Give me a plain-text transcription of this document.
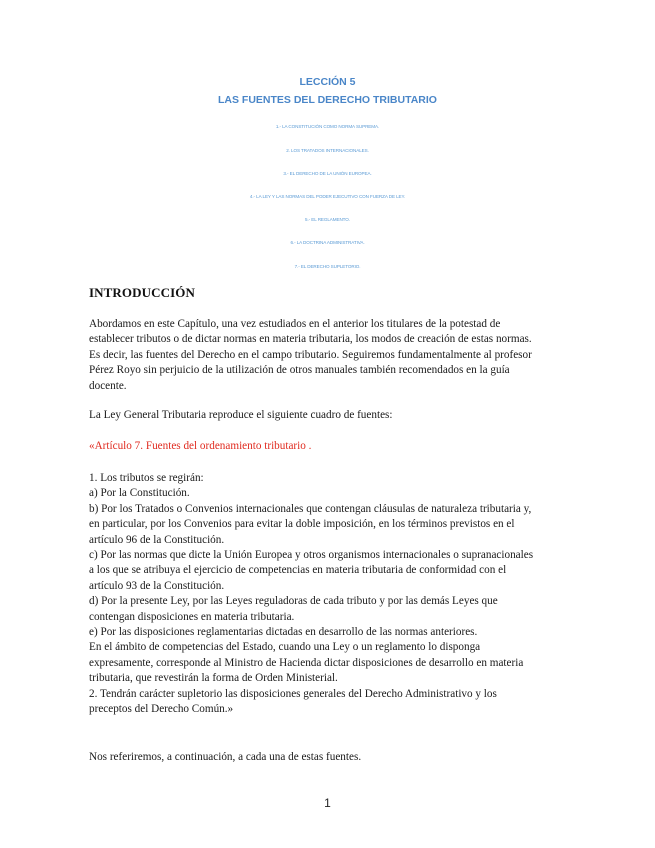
LECCIÓN 5
LAS FUENTES DEL DERECHO TRIBUTARIO
1.- LA CONSTITUCIÓN COMO NORMA SUPREMA.
2. LOS TRATADOS INTERNACIONALES.
3.- EL DERECHO DE LA UNIÓN EUROPEA.
4.- LA LEY Y LAS NORMAS DEL PODER EJECUTIVO CON FUERZA DE LEY.
5.- EL REGLAMENTO.
6.- LA DOCTRINA ADMINISTRATIVA.
7.- EL DERECHO SUPLETORIO.
INTRODUCCIÓN
Abordamos en este Capítulo, una vez estudiados en el anterior los titulares de la potestad de
establecer tributos o de dictar normas en materia tributaria, los modos de creación de estas normas.
Es decir, las fuentes del Derecho en el campo tributario. Seguiremos fundamentalmente al profesor
Pérez Royo sin perjuicio de la utilización de otros manuales también recomendados en la guía
docente.
La Ley General Tributaria reproduce el siguiente cuadro de fuentes:
«Artículo 7. Fuentes del ordenamiento tributario .
1. Los tributos se regirán:
a) Por la Constitución.
b) Por los Tratados o Convenios internacionales que contengan cláusulas de naturaleza tributaria y,
en particular, por los Convenios para evitar la doble imposición, en los términos previstos en el
artículo 96 de la Constitución.
c) Por las normas que dicte la Unión Europea y otros organismos internacionales o supranacionales
a los que se atribuya el ejercicio de competencias en materia tributaria de conformidad con el
artículo 93 de la Constitución.
d) Por la presente Ley, por las Leyes reguladoras de cada tributo y por las demás Leyes que
contengan disposiciones en materia tributaria.
e) Por las disposiciones reglamentarias dictadas en desarrollo de las normas anteriores.
En el ámbito de competencias del Estado, cuando una Ley o un reglamento lo disponga
expresamente, corresponde al Ministro de Hacienda dictar disposiciones de desarrollo en materia
tributaria, que revestirán la forma de Orden Ministerial.
2. Tendrán carácter supletorio las disposiciones generales del Derecho Administrativo y los
preceptos del Derecho Común.»
Nos referiremos, a continuación, a cada una de estas fuentes.
1
